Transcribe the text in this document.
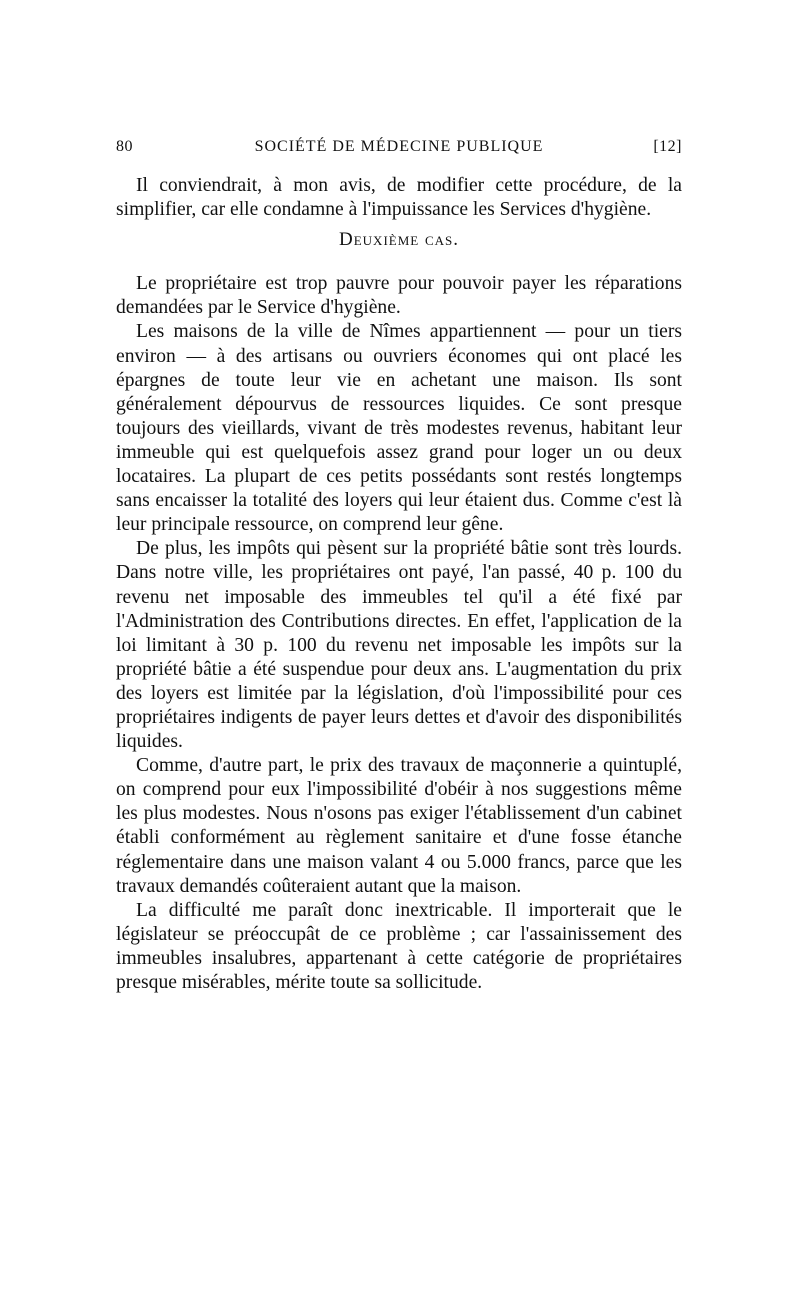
80	SOCIÉTÉ DE MÉDECINE PUBLIQUE	[12]

Il conviendrait, à mon avis, de modifier cette procédure, de la simplifier, car elle condamne à l'impuissance les Services d'hygiène.

Deuxième cas.

Le propriétaire est trop pauvre pour pouvoir payer les réparations demandées par le Service d'hygiène.

Les maisons de la ville de Nîmes appartiennent — pour un tiers environ — à des artisans ou ouvriers économes qui ont placé les épargnes de toute leur vie en achetant une maison. Ils sont généralement dépourvus de ressources liquides. Ce sont presque toujours des vieillards, vivant de très modestes revenus, habitant leur immeuble qui est quelquefois assez grand pour loger un ou deux locataires. La plupart de ces petits possédants sont restés longtemps sans encaisser la totalité des loyers qui leur étaient dus. Comme c'est là leur principale ressource, on comprend leur gêne.

De plus, les impôts qui pèsent sur la propriété bâtie sont très lourds. Dans notre ville, les propriétaires ont payé, l'an passé, 40 p. 100 du revenu net imposable des immeubles tel qu'il a été fixé par l'Administration des Contributions directes. En effet, l'application de la loi limitant à 30 p. 100 du revenu net imposable les impôts sur la propriété bâtie a été suspendue pour deux ans. L'augmentation du prix des loyers est limitée par la législation, d'où l'impossibilité pour ces propriétaires indigents de payer leurs dettes et d'avoir des disponibilités liquides.

Comme, d'autre part, le prix des travaux de maçonnerie a quintuplé, on comprend pour eux l'impossibilité d'obéir à nos suggestions même les plus modestes. Nous n'osons pas exiger l'établissement d'un cabinet établi conformément au règlement sanitaire et d'une fosse étanche réglementaire dans une maison valant 4 ou 5.000 francs, parce que les travaux demandés coûteraient autant que la maison.

La difficulté me paraît donc inextricable. Il importerait que le législateur se préoccupât de ce problème ; car l'assainissement des immeubles insalubres, appartenant à cette catégorie de propriétaires presque misérables, mérite toute sa sollicitude.
